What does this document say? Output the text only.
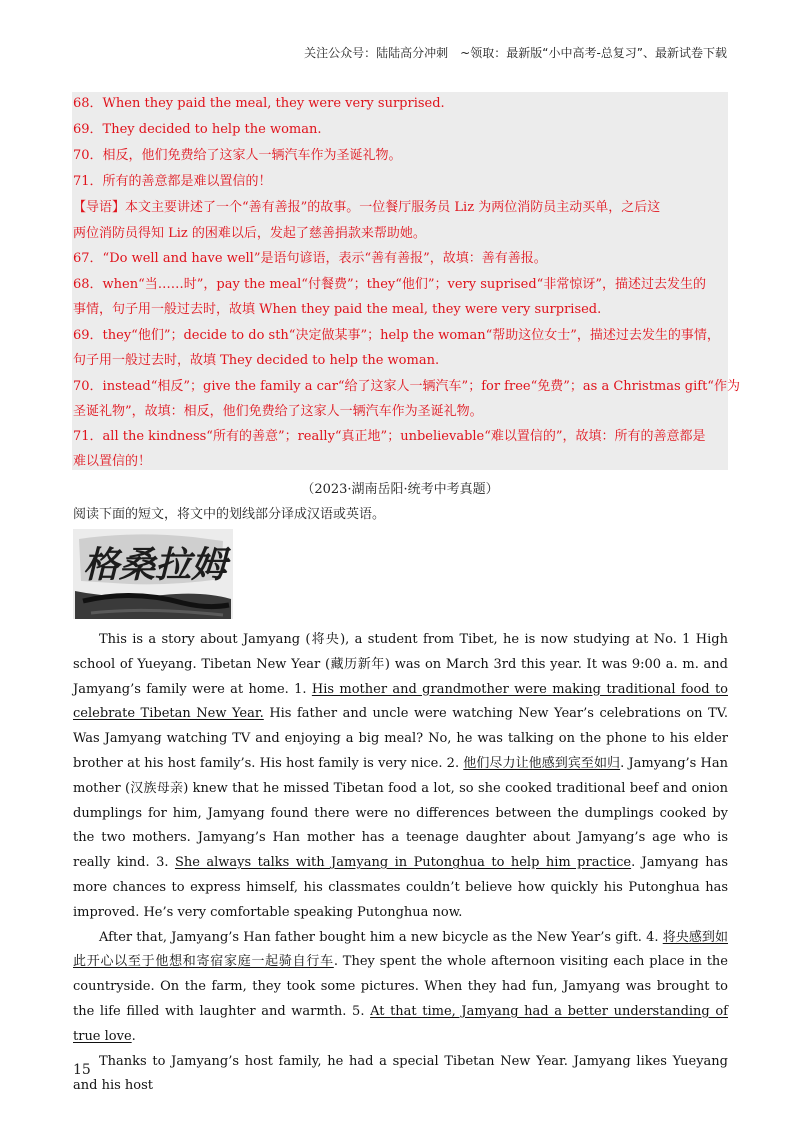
关注公众号：陆陆高分冲刺　~领取：最新版“小中高考-总复习”、最新试卷下载
68．When they paid the meal, they were very surprised.
69．They decided to help the woman.
70．相反，他们免费给了这家人一辆汽车作为圣诞礼物。
71．所有的善意都是难以置信的！
【导语】本文主要讲述了一个“善有善报”的故事。一位餐厅服务员 Liz 为两位消防员主动买单，之后这
两位消防员得知 Liz 的困难以后，发起了慈善捐款来帮助她。
67．“Do well and have well”是语句谚语，表示“善有善报”，故填：善有善报。
68．when“当……时”，pay the meal“付餐费”；they“他们”；very suprised“非常惊讶”，描述过去发生的
事情，句子用一般过去时，故填 When they paid the meal, they were very surprised.
69．they“他们”；decide to do sth“决定做某事”；help the woman“帮助这位女士”，描述过去发生的事情，
句子用一般过去时，故填 They decided to help the woman.
70．instead“相反”；give the family a car“给了这家人一辆汽车”；for free“免费”；as a Christmas gift“作为
圣诞礼物”，故填：相反，他们免费给了这家人一辆汽车作为圣诞礼物。
71．all the kindness“所有的善意”；really“真正地”；unbelievable“难以置信的”，故填：所有的善意都是
难以置信的！
（2023·湖南岳阳·统考中考真题）
阅读下面的短文，将文中的划线部分译成汉语或英语。
格桑拉姆

This is a story about Jamyang (将央), a student from Tibet, he is now studying at No. 1 High school of Yueyang. Tibetan New Year (藏历新年) was on March 3rd this year. It was 9:00 a. m. and Jamyang’s family were at home. 1. His mother and grandmother were making traditional food to celebrate Tibetan New Year. His father and uncle were watching New Year’s celebrations on TV. Was Jamyang watching TV and enjoying a big meal? No, he was talking on the phone to his elder brother at his host family’s. His host family is very nice. 2. 他们尽力让他感到宾至如归. Jamyang’s Han mother (汉族母亲) knew that he missed Tibetan food a lot, so she cooked traditional beef and onion dumplings for him, Jamyang found there were no differences between the dumplings cooked by the two mothers. Jamyang’s Han mother has a teenage daughter about Jamyang’s age who is really kind. 3. She always talks with Jamyang in Putonghua to help him practice. Jamyang has more chances to express himself, his classmates couldn’t believe how quickly his Putonghua has improved. He’s very comfortable speaking Putonghua now.

After that, Jamyang’s Han father bought him a new bicycle as the New Year’s gift. 4. 将央感到如此开心以至于他想和寄宿家庭一起骑自行车. They spent the whole afternoon visiting each place in the countryside. On the farm, they took some pictures. When they had fun, Jamyang was brought to the life filled with laughter and warmth. 5. At that time, Jamyang had a better understanding of true love.

Thanks to Jamyang’s host family, he had a special Tibetan New Year. Jamyang likes Yueyang and his host

15
